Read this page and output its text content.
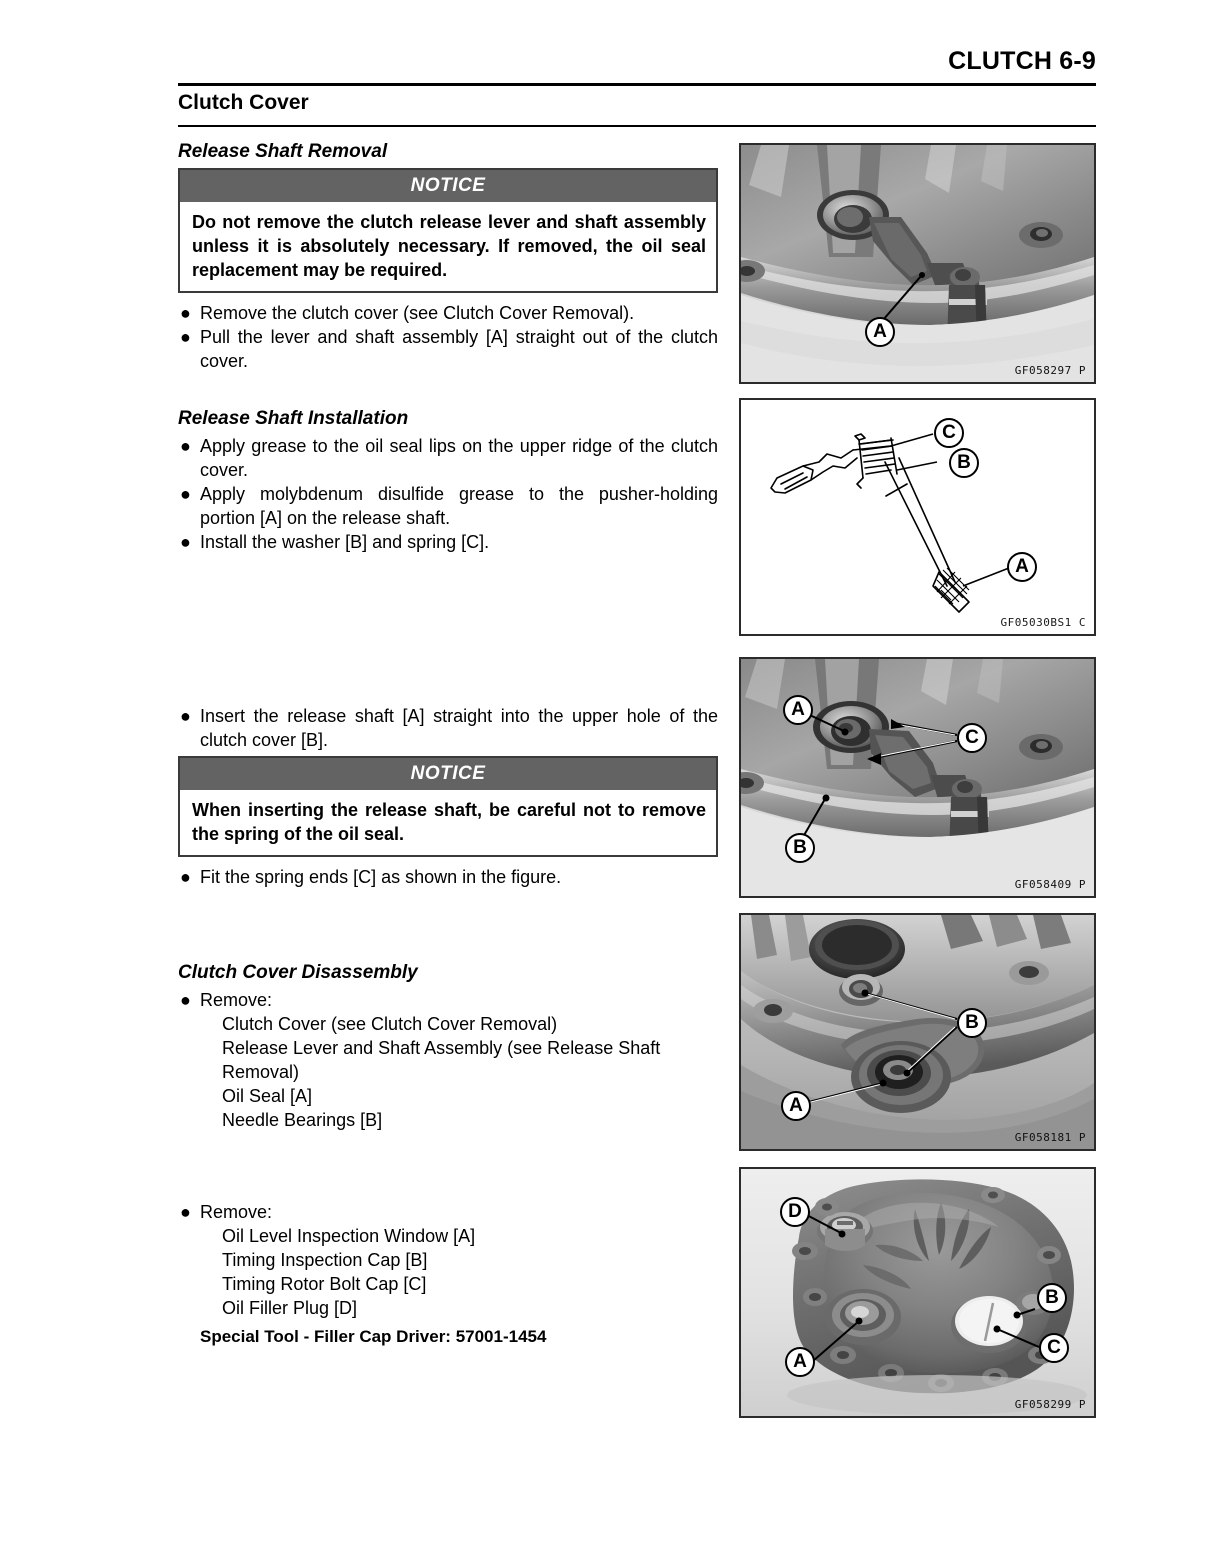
CLUTCH 6-9
Clutch Cover
Release Shaft Removal
NOTICE

Do not remove the clutch release lever and shaft assembly unless it is absolutely necessary. If removed, the oil seal replacement may be required.

● Remove the clutch cover (see Clutch Cover Removal).
● Pull the lever and shaft assembly [A] straight out of the clutch cover.
Release Shaft Installation
● Apply grease to the oil seal lips on the upper ridge of the clutch cover.
● Apply molybdenum disulfide grease to the pusher-holding portion [A] on the release shaft.
● Install the washer [B] and spring [C].
● Insert the release shaft [A] straight into the upper hole of the clutch cover [B].
NOTICE

When inserting the release shaft, be careful not to remove the spring of the oil seal.

● Fit the spring ends [C] as shown in the figure.
Clutch Cover Disassembly
● Remove:
Clutch Cover (see Clutch Cover Removal)
Release Lever and Shaft Assembly (see Release Shaft Removal)
Oil Seal [A]
Needle Bearings [B]
● Remove:
Oil Level Inspection Window [A]
Timing Inspection Cap [B]
Timing Rotor Bolt Cap [C]
Oil Filler Plug [D]
Special Tool - Filler Cap Driver: 57001-1454
A
GF058297 P
C
B
A
GF05030BS1 C
A
C
B
GF058409 P
B
A
GF058181 P
D
B
C
A
GF058299 P
